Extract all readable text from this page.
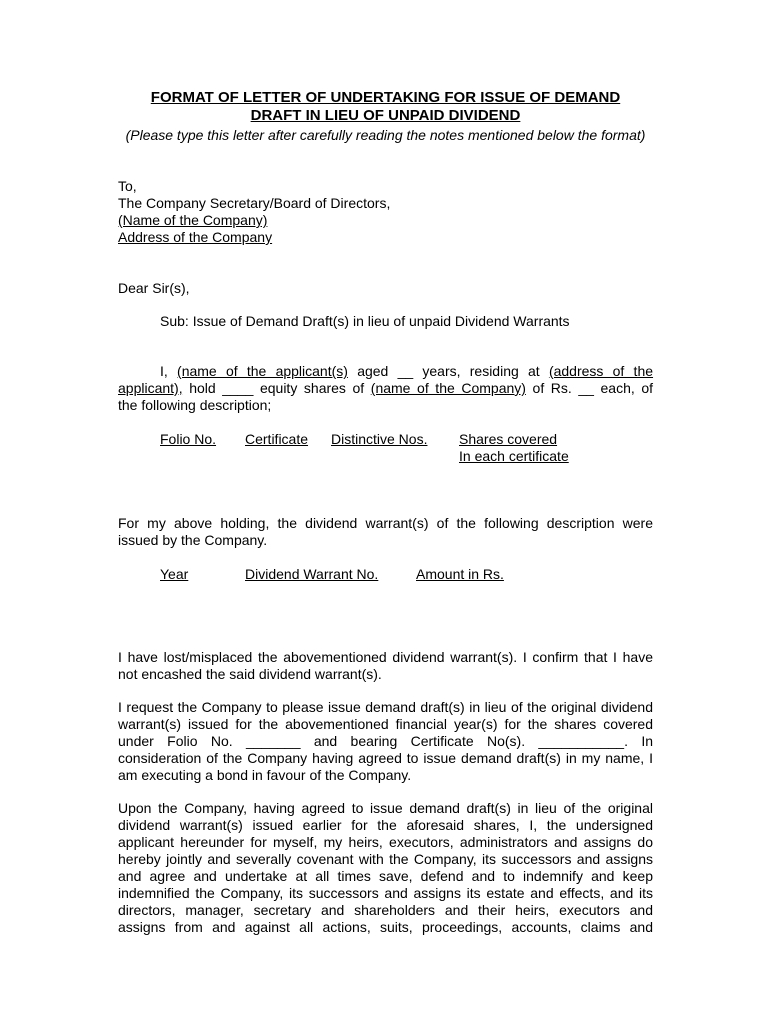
FORMAT OF LETTER OF UNDERTAKING FOR ISSUE OF DEMAND
DRAFT IN LIEU OF UNPAID DIVIDEND
(Please type this letter after carefully reading the notes mentioned below the format)
To,
The Company Secretary/Board of Directors,
(Name of the Company)
Address of the Company
Dear Sir(s),
Sub: Issue of Demand Draft(s) in lieu of unpaid Dividend Warrants
I, (name of the applicant(s) aged __ years, residing at (address of the
applicant), hold ____ equity shares of (name of the Company) of Rs. __ each, of
the following description;
Folio No. Certificate Distinctive Nos. Shares covered
In each certificate
For my above holding, the dividend warrant(s) of the following description were
issued by the Company.
Year	Dividend Warrant No.	Amount in Rs.
I have lost/misplaced the abovementioned dividend warrant(s). I confirm that I have
not encashed the said dividend warrant(s).
I request the Company to please issue demand draft(s) in lieu of the original dividend
warrant(s) issued for the abovementioned financial year(s) for the shares covered
under Folio No. _______ and bearing Certificate No(s). ___________. In
consideration of the Company having agreed to issue demand draft(s) in my name, I
am executing a bond in favour of the Company.
Upon the Company, having agreed to issue demand draft(s) in lieu of the original
dividend warrant(s) issued earlier for the aforesaid shares, I, the undersigned
applicant hereunder for myself, my heirs, executors, administrators and assigns do
hereby jointly and severally covenant with the Company, its successors and assigns
and agree and undertake at all times save, defend and to indemnify and keep
indemnified the Company, its successors and assigns its estate and effects, and its
directors, manager, secretary and shareholders and their heirs, executors and
assigns from and against all actions, suits, proceedings, accounts, claims and
